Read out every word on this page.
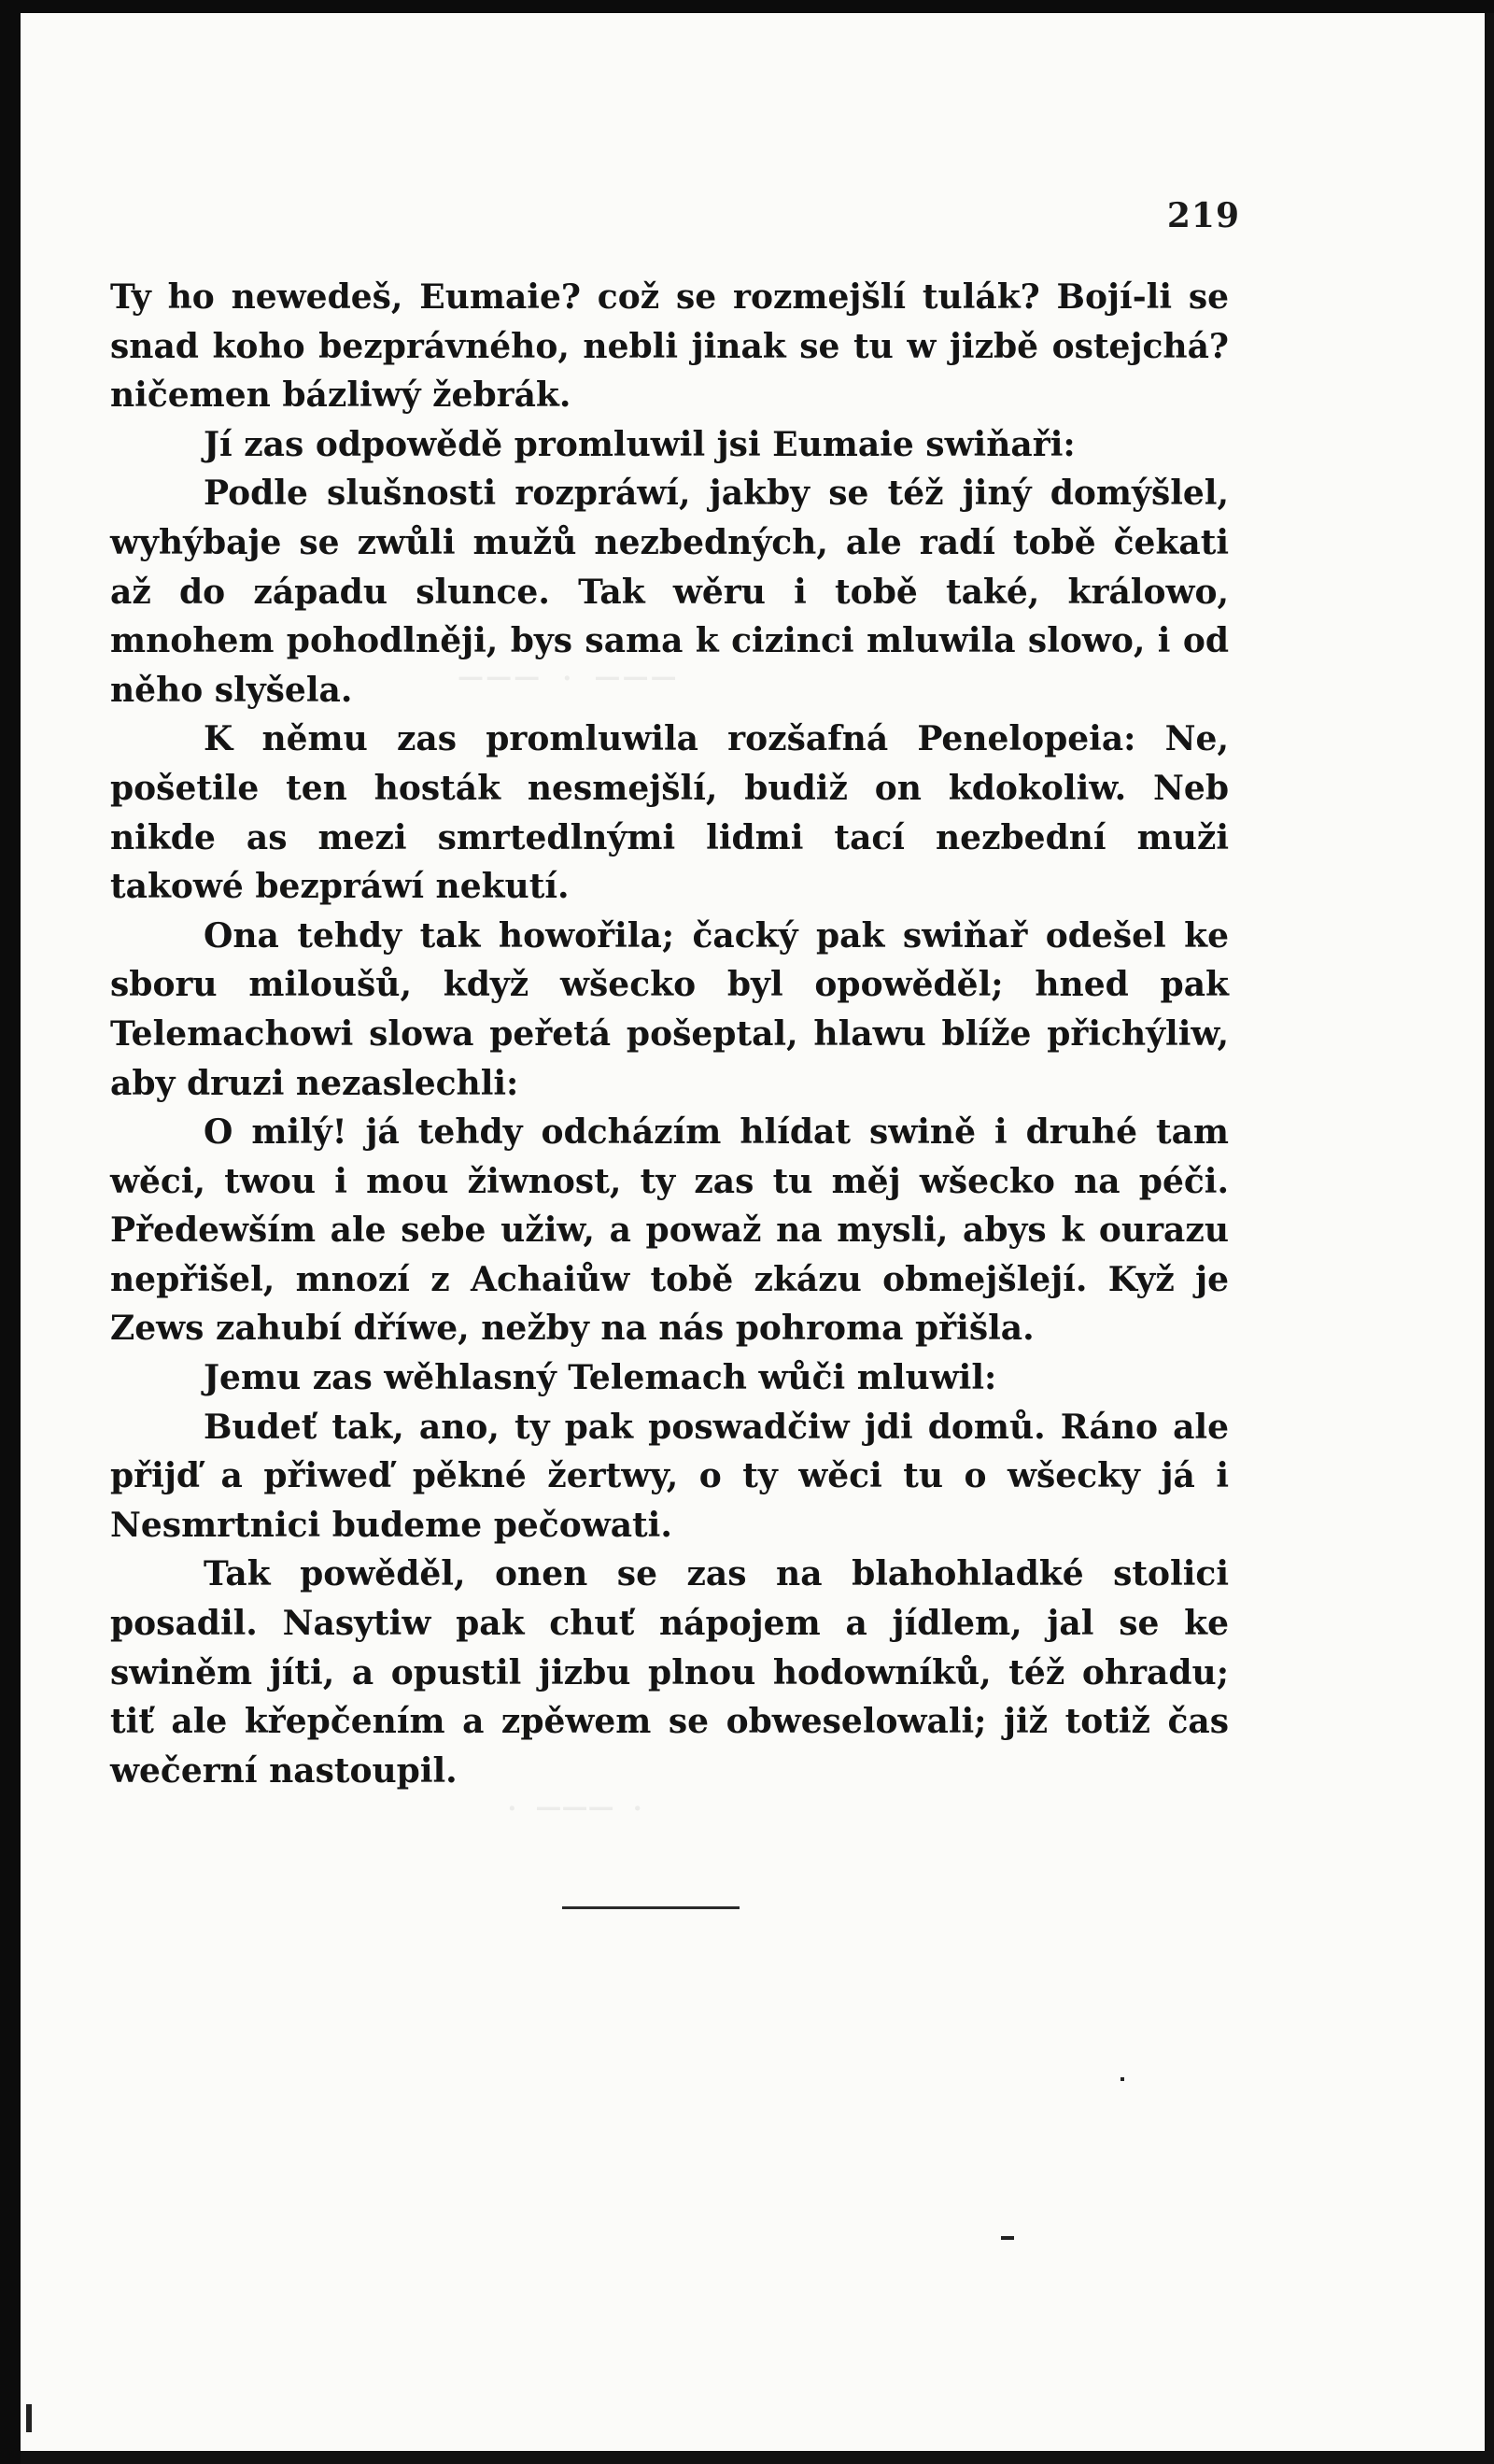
─── · ───
· ─── ·
219

Ty ho newedeš, Eumaie? což se rozmejšlí tulák? Bojí-li se snad koho bezprávného, nebli jinak se tu w jizbě ostejchá? ničemen bázliwý žebrák.

Jí zas odpowědě promluwil jsi Eumaie swiňaři:

Podle slušnosti rozpráwí, jakby se též jiný domýšlel, wyhýbaje se zwůli mužů nezbedných, ale radí tobě čekati až do západu slunce. Tak wěru i tobě také, králowo, mnohem pohodlněji, bys sama k cizinci mluwila slowo, i od něho slyšela.

K němu zas promluwila rozšafná Penelopeia: Ne, pošetile ten hosták nesmejšlí, budiž on kdokoliw. Neb nikde as mezi smrtedlnými lidmi tací nezbední muži takowé bezpráwí nekutí.

Ona tehdy tak howořila; čacký pak swiňař odešel ke sboru miloušů, když wšecko byl opowěděl; hned pak Telemachowi slowa peřetá pošeptal, hlawu blíže přichýliw, aby druzi nezaslechli:

O milý! já tehdy odcházím hlídat swině i druhé tam wěci, twou i mou žiwnost, ty zas tu měj wšecko na péči. Předewším ale sebe užiw, a powaž na mysli, abys k ourazu nepřišel, mnozí z Achaiůw tobě zkázu obmejšlejí. Kyž je Zews zahubí dříwe, nežby na nás pohroma přišla.

Jemu zas wěhlasný Telemach wůči mluwil:

Budeť tak, ano, ty pak poswadčiw jdi domů. Ráno ale přijď a přiweď pěkné žertwy, o ty wěci tu o wšecky já i Nesmrtnici budeme pečowati.

Tak powěděl, onen se zas na blahohladké stolici posadil. Nasytiw pak chuť nápojem a jídlem, jal se ke swiněm jíti, a opustil jizbu plnou hodowníků, též ohradu; tiť ale křepčením a zpěwem se obweselowali; již totiž čas wečerní nastoupil.
